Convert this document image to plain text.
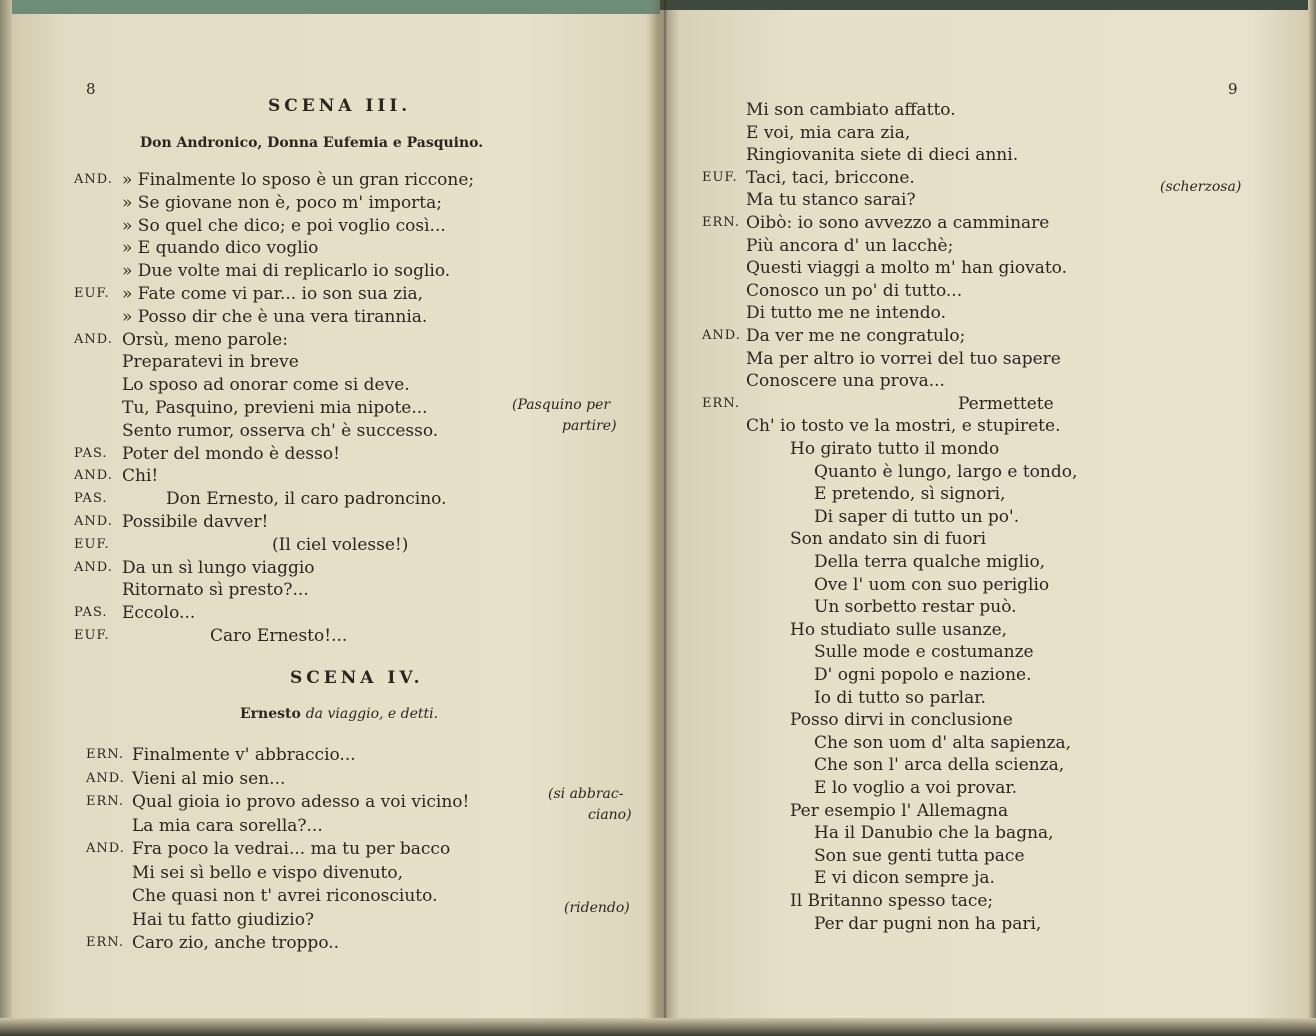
8
SCENA III.
Don Andronico, Donna Eufemia e Pasquino.
AND. » Finalmente lo sposo è un gran riccone;
» Se giovane non è, poco m' importa;
» So quel che dico; e poi voglio così...
» E quando dico voglio
» Due volte mai di replicarlo io soglio.
EUF. » Fate come vi par... io son sua zia,
» Posso dir che è una vera tirannia.
AND. Orsù, meno parole:
Preparatevi in breve
Lo sposo ad onorar come si deve.
Tu, Pasquino, previeni mia nipote...
Sento rumor, osserva ch' è successo.
PAS. Poter del mondo è desso!
AND. Chi!
PAS.	Don Ernesto, il caro padroncino.
AND. Possibile davver!
EUF.	(Il ciel volesse!)
AND. Da un sì lungo viaggio
Ritornato sì presto?...
PAS. Eccolo...
EUF.	Caro Ernesto!...
SCENA IV.
Ernesto da viaggio, e detti.
ERN. Finalmente v' abbraccio...
AND. Vieni al mio sen...
ERN. Qual gioia io provo adesso a voi vicino!
La mia cara sorella?...
AND. Fra poco la vedrai... ma tu per bacco
Mi sei sì bello e vispo divenuto,
Che quasi non t' avrei riconosciuto.
Hai tu fatto giudizio?
ERN. Caro zio, anche troppo..
(Pasquino per
partire)
(si abbrac-
ciano)
(ridendo)
9
Mi son cambiato affatto.
E voi, mia cara zia,
Ringiovanita siete di dieci anni.
EUF. Taci, taci, briccone.
Ma tu stanco sarai?
ERN. Oibò: io sono avvezzo a camminare
Più ancora d' un lacchè;
Questi viaggi a molto m' han giovato.
Conosco un po' di tutto...
Di tutto me ne intendo.
AND. Da ver me ne congratulo;
Ma per altro io vorrei del tuo sapere
Conoscere una prova...
ERN.	Permettete
Ch' io tosto ve la mostri, e stupirete.
Ho girato tutto il mondo
Quanto è lungo, largo e tondo,
E pretendo, sì signori,
Di saper di tutto un po'.
Son andato sin di fuori
Della terra qualche miglio,
Ove l' uom con suo periglio
Un sorbetto restar può.
Ho studiato sulle usanze,
Sulle mode e costumanze
D' ogni popolo e nazione.
Io di tutto so parlar.
Posso dirvi in conclusione
Che son uom d' alta sapienza,
Che son l' arca della scienza,
E lo voglio a voi provar.
Per esempio l' Allemagna
Ha il Danubio che la bagna,
Son sue genti tutta pace
E vi dicon sempre ja.
Il Britanno spesso tace;
Per dar pugni non ha pari,
(scherzosa)
